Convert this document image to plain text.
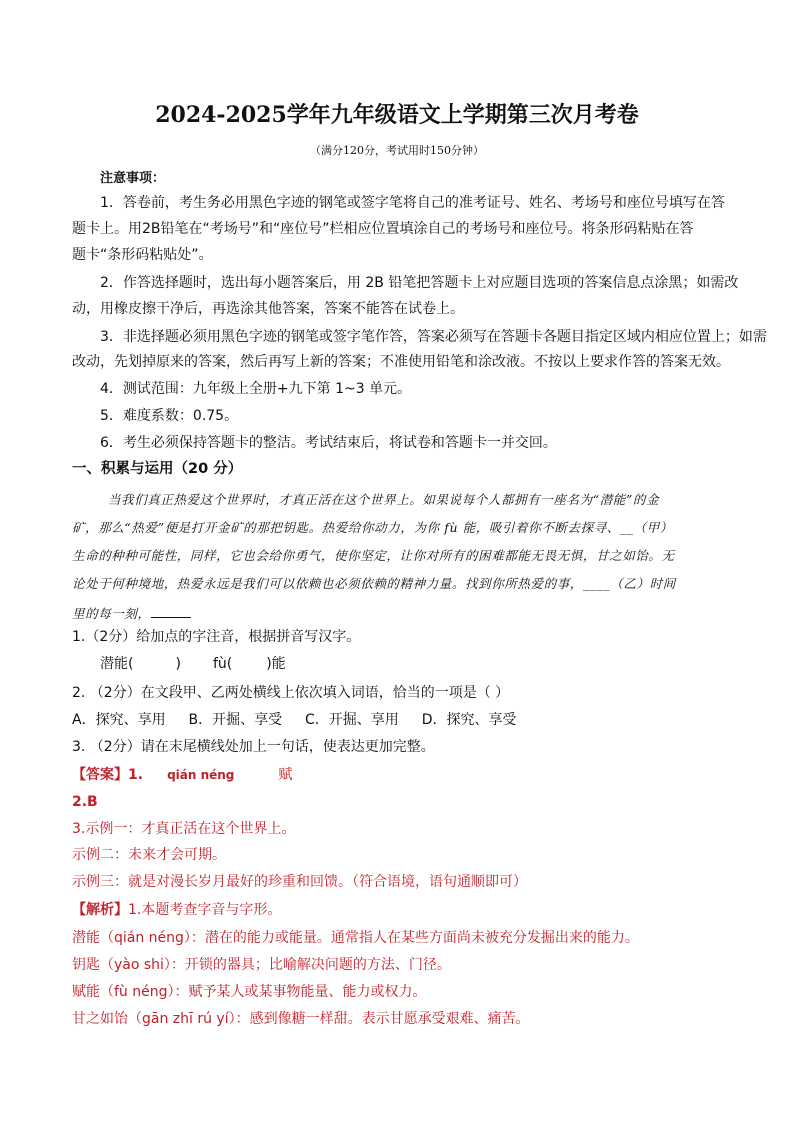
2024-2025学年九年级语文上学期第三次月考卷
（满分120分，考试用时150分钟）
注意事项：
1．答卷前，考生务必用黑色字迹的钢笔或签字笔将自己的准考证号、姓名、考场号和座位号填写在答
题卡上。用2B铅笔在“考场号”和“座位号”栏相应位置填涂自己的考场号和座位号。将条形码粘贴在答
题卡“条形码粘贴处”。
2．作答选择题时，选出每小题答案后，用 2B 铅笔把答题卡上对应题目选项的答案信息点涂黑；如需改
动，用橡皮擦干净后，再选涂其他答案，答案不能答在试卷上。
3．非选择题必须用黑色字迹的钢笔或签字笔作答，答案必须写在答题卡各题目指定区域内相应位置上；如需
改动，先划掉原来的答案，然后再写上新的答案；不准使用铅笔和涂改液。不按以上要求作答的答案无效。
4．测试范围：九年级上全册+九下第 1~3 单元。
5．难度系数：0.75。
6．考生必须保持答题卡的整洁。考试结束后，将试卷和答题卡一并交回。
一、积累与运用（20 分）
当我们真正热爱这个世界时，才真正活在这个世界上。如果说每个人都拥有一座名为“潜能”的金
矿，那么“热爱”便是打开金矿的那把钥匙。热爱给你动力，为你 fù 能，吸引着你不断去探寻、__（甲）
生命的种种可能性，同样，它也会给你勇气，使你坚定，让你对所有的困难都能无畏无惧，甘之如饴。无
论处于何种境地，热爱永远是我们可以依赖也必须依赖的精神力量。找到你所热爱的事，____（乙）时间
里的每一刻，
1.（2分）给加点的字注音，根据拼音写汉字。
潜能(	) fù( )能
2. （2分）在文段甲、乙两处横线上依次填入词语，恰当的一项是（ ）
A．探究、享用 B．开掘、享受 C．开掘、享用 D．探究、享受
3. （2分）请在末尾横线处加上一句话，使表达更加完整。
【答案】1. qián néng	赋
2.B
3.示例一：才真正活在这个世界上。
示例二：未来才会可期。
示例三：就是对漫长岁月最好的珍重和回馈。（符合语境，语句通顺即可）
【解析】1.本题考查字音与字形。
潜能（qián néng）：潜在的能力或能量。通常指人在某些方面尚未被充分发掘出来的能力。
钥匙（yào shi）：开锁的器具；比喻解决问题的方法、门径。
赋能（fù néng）：赋予某人或某事物能量、能力或权力。
甘之如饴（gān zhī rú yí）：感到像糖一样甜。表示甘愿承受艰难、痛苦。
